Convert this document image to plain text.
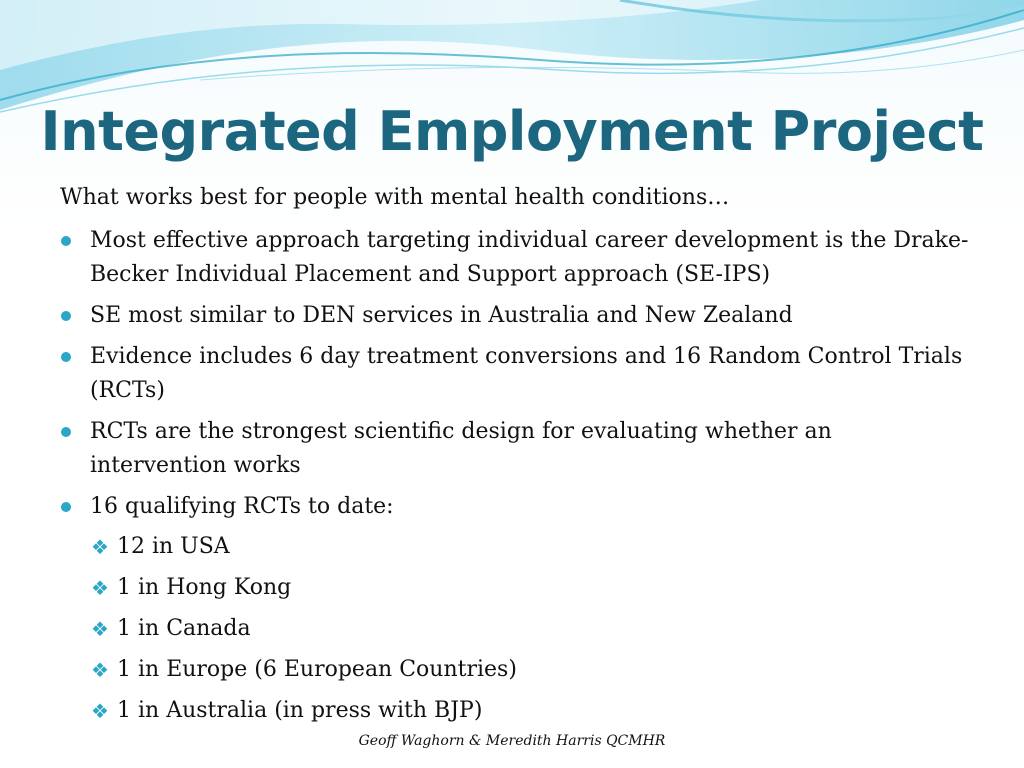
Integrated Employment Project

What works best for people with mental health conditions…

Most effective approach targeting individual career development is the Drake-Becker Individual Placement and Support approach (SE-IPS)
SE most similar to DEN services in Australia and New Zealand
Evidence includes 6 day treatment conversions and 16 Random Control Trials (RCTs)
RCTs are the strongest scientific design for evaluating whether an intervention works
16 qualifying RCTs to date:
❖ 12 in USA
❖ 1 in Hong Kong
❖ 1 in Canada
❖ 1 in Europe (6 European Countries)
❖ 1 in Australia (in press with BJP)

Geoff Waghorn & Meredith Harris QCMHR
